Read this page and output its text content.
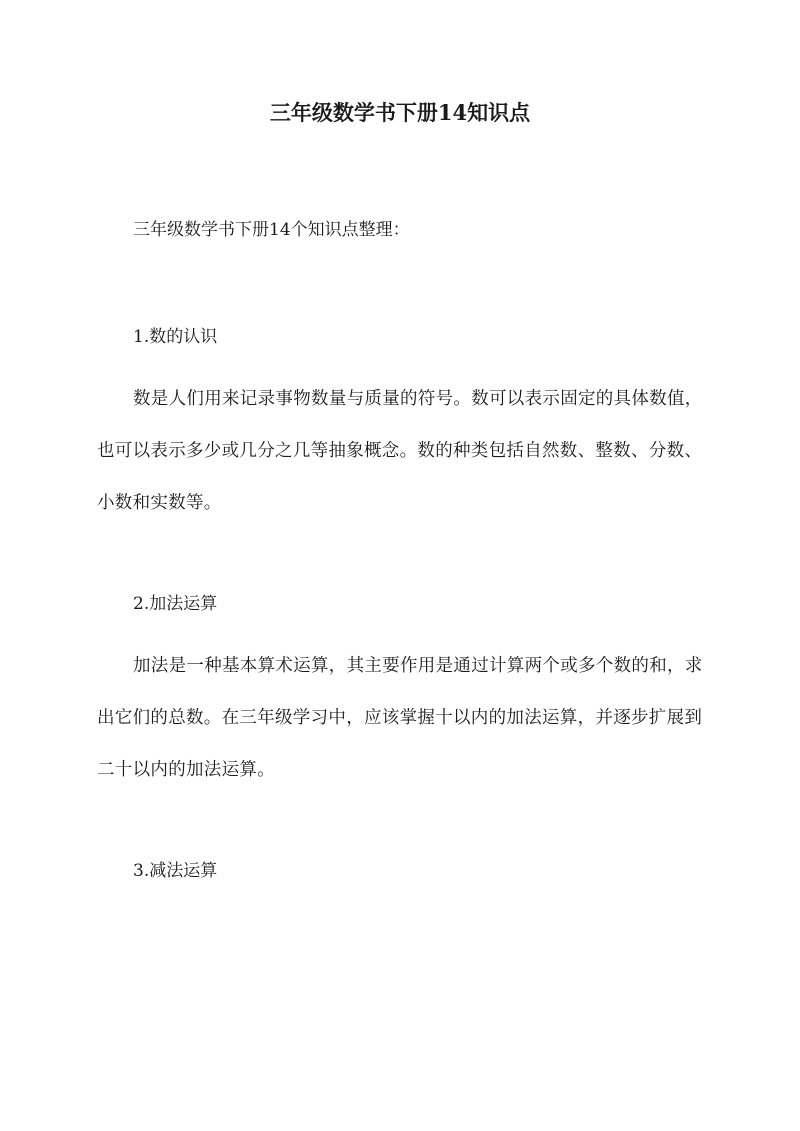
三年级数学书下册14知识点

三年级数学书下册14个知识点整理：

1.数的认识

数是人们用来记录事物数量与质量的符号。数可以表示固定的具体数值，也可以表示多少或几分之几等抽象概念。数的种类包括自然数、整数、分数、小数和实数等。

2.加法运算

加法是一种基本算术运算，其主要作用是通过计算两个或多个数的和，求出它们的总数。在三年级学习中，应该掌握十以内的加法运算，并逐步扩展到二十以内的加法运算。

3.减法运算
